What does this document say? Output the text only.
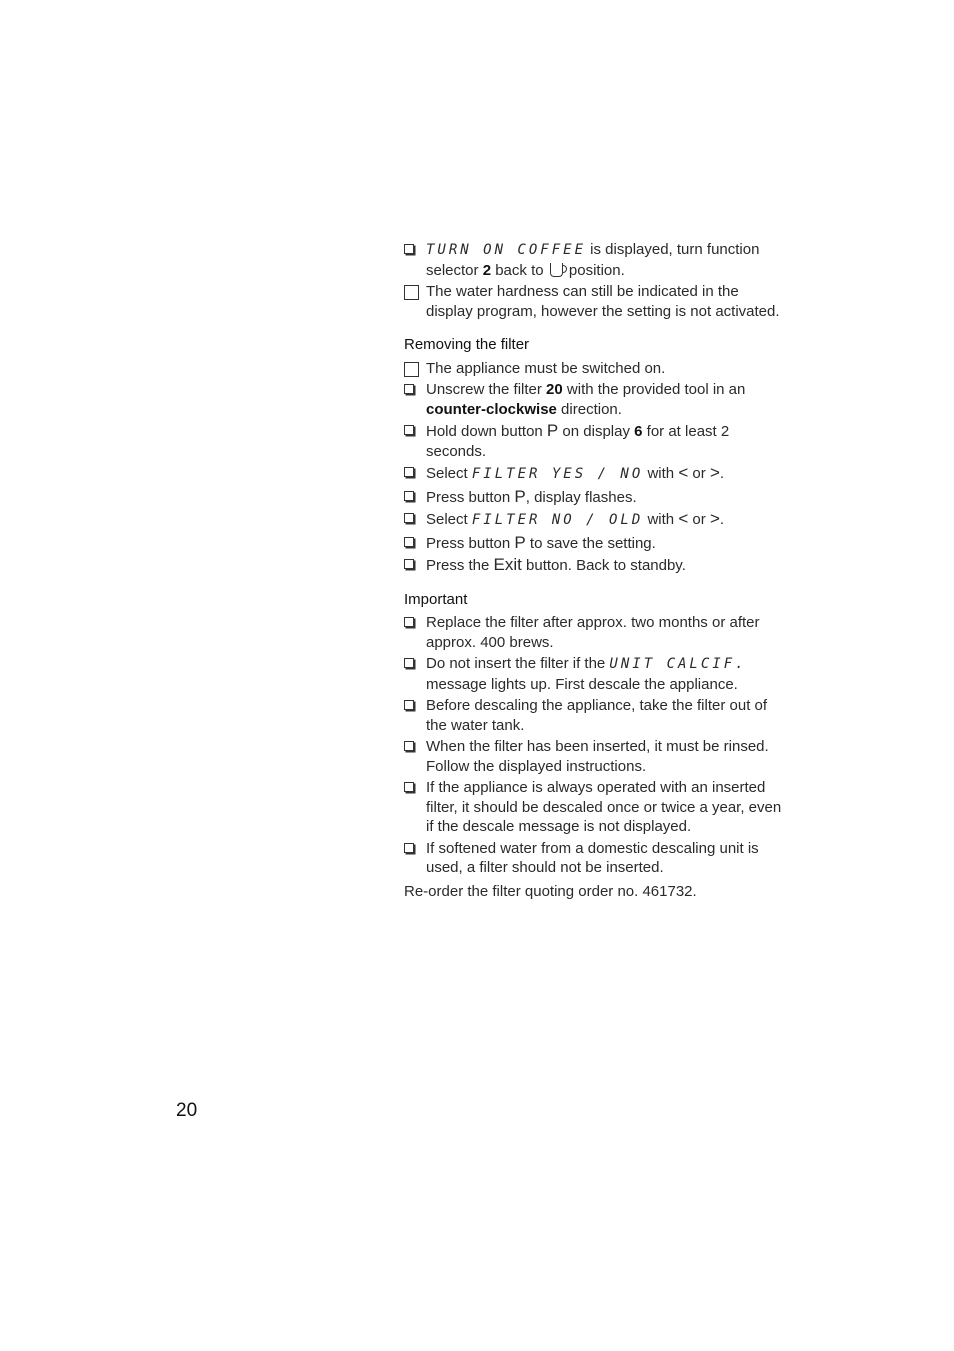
TURN ON COFFEE is displayed, turn function selector 2 back to  position.
The water hardness can still be indicated in the display program, however the setting is not activated.
Removing the filter
The appliance must be switched on.
Unscrew the filter 20 with the provided tool in an counter-clockwise direction.
Hold down button P on display 6 for at least 2 seconds.
Select FILTER YES / NO with < or >.
Press button P, display flashes.
Select FILTER NO / OLD with < or >.
Press button P to save the setting.
Press the Exit button. Back to standby.
Important
Replace the filter after approx. two months or after approx. 400 brews.
Do not insert the filter if the UNIT CALCIF. message lights up. First descale the appliance.
Before descaling the appliance, take the filter out of the water tank.
When the filter has been inserted, it must be rinsed. Follow the displayed instructions.
If the appliance is always operated with an inserted filter, it should be descaled once or twice a year, even if the descale message is not displayed.
If softened water from a domestic descaling unit is used, a filter should not be inserted.
Re-order the filter quoting order no. 461732.
20
